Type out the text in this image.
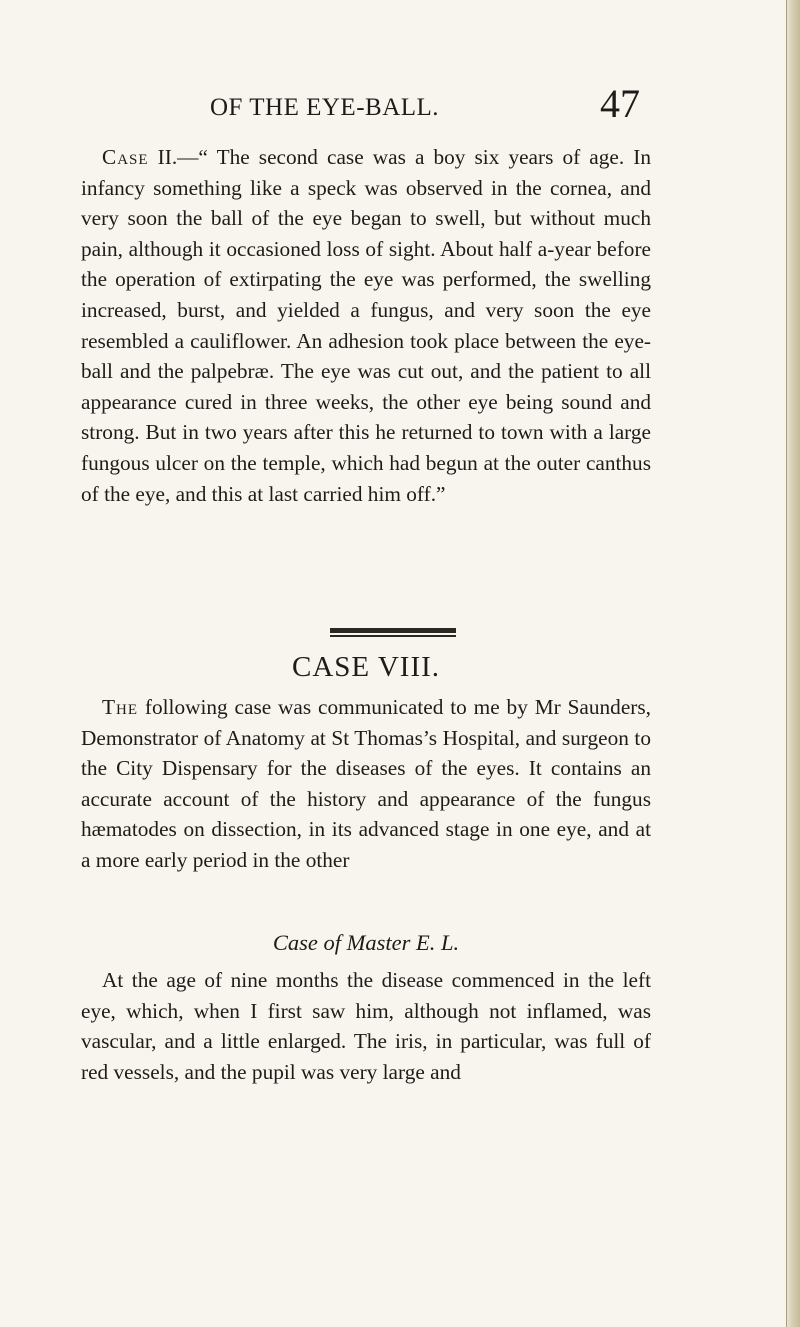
OF THE EYE-BALL.	47

Case II.—“ The second case was a boy six years of age. In infancy something like a speck was observed in the cornea, and very soon the ball of the eye began to swell, but without much pain, although it occasioned loss of sight. About half a-year before the operation of extirpating the eye was performed, the swelling increased, burst, and yielded a fungus, and very soon the eye resembled a cauliflower. An adhesion took place between the eye-ball and the palpebræ. The eye was cut out, and the patient to all appearance cured in three weeks, the other eye being sound and strong. But in two years after this he returned to town with a large fungous ulcer on the temple, which had begun at the outer canthus of the eye, and this at last carried him off.”

CASE VIII.

The following case was communicated to me by Mr Saunders, Demonstrator of Anatomy at St Thomas’s Hospital, and surgeon to the City Dispensary for the diseases of the eyes. It contains an accurate account of the history and appearance of the fungus hæmatodes on dissection, in its advanced stage in one eye, and at a more early period in the other

Case of Master E. L.

At the age of nine months the disease commenced in the left eye, which, when I first saw him, although not inflamed, was vascular, and a little enlarged. The iris, in particular, was full of red vessels, and the pupil was very large and
